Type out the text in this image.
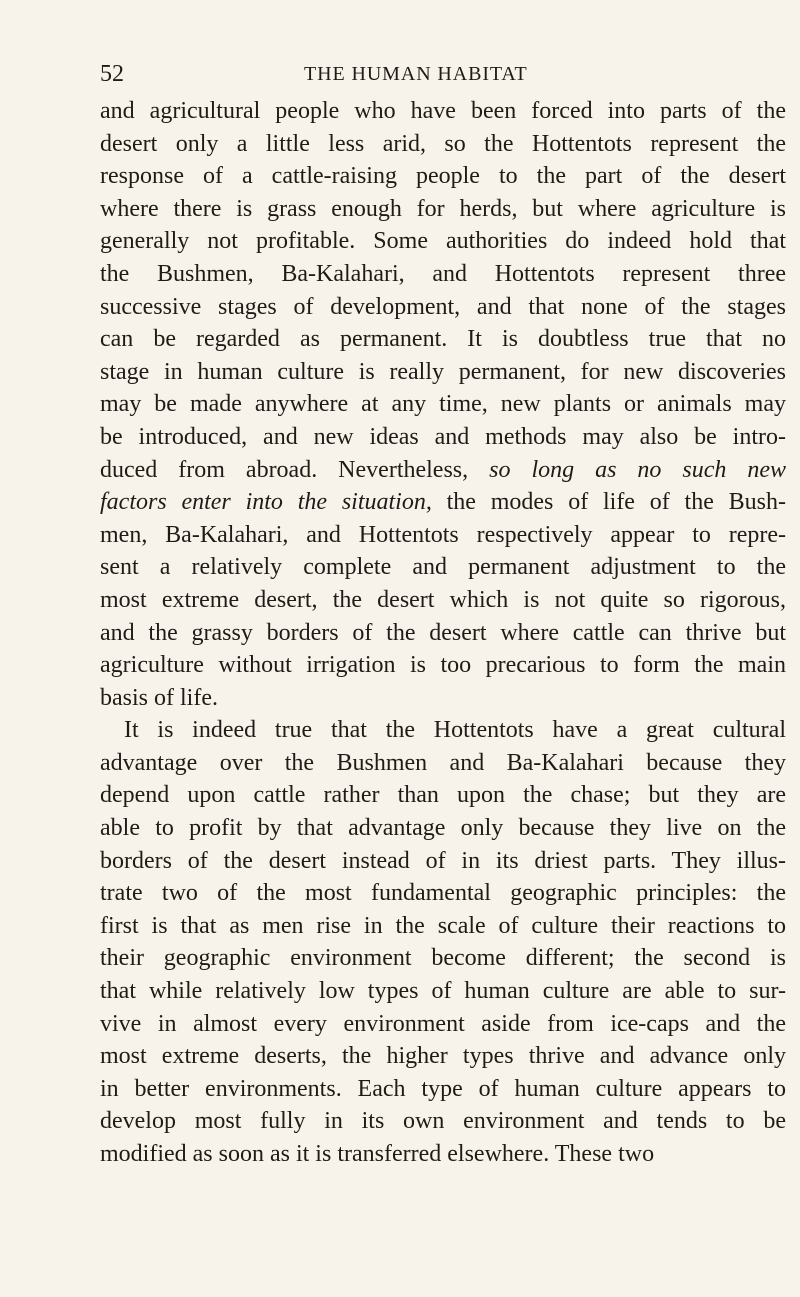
52	THE HUMAN HABITAT
and agricultural people who have been forced into parts of the
desert only a little less arid, so the Hottentots represent the
response of a cattle-raising people to the part of the desert
where there is grass enough for herds, but where agriculture is
generally not profitable. Some authorities do indeed hold that
the Bushmen, Ba-Kalahari, and Hottentots represent three
successive stages of development, and that none of the stages
can be regarded as permanent. It is doubtless true that no
stage in human culture is really permanent, for new discoveries
may be made anywhere at any time, new plants or animals may
be introduced, and new ideas and methods may also be intro-
duced from abroad. Nevertheless, so long as no such new
factors enter into the situation, the modes of life of the Bush-
men, Ba-Kalahari, and Hottentots respectively appear to repre-
sent a relatively complete and permanent adjustment to the
most extreme desert, the desert which is not quite so rigorous,
and the grassy borders of the desert where cattle can thrive but
agriculture without irrigation is too precarious to form the main
basis of life.
It is indeed true that the Hottentots have a great cultural
advantage over the Bushmen and Ba-Kalahari because they
depend upon cattle rather than upon the chase; but they are
able to profit by that advantage only because they live on the
borders of the desert instead of in its driest parts. They illus-
trate two of the most fundamental geographic principles: the
first is that as men rise in the scale of culture their reactions to
their geographic environment become different; the second is
that while relatively low types of human culture are able to sur-
vive in almost every environment aside from ice-caps and the
most extreme deserts, the higher types thrive and advance only
in better environments. Each type of human culture appears to
develop most fully in its own environment and tends to be
modified as soon as it is transferred elsewhere. These two
